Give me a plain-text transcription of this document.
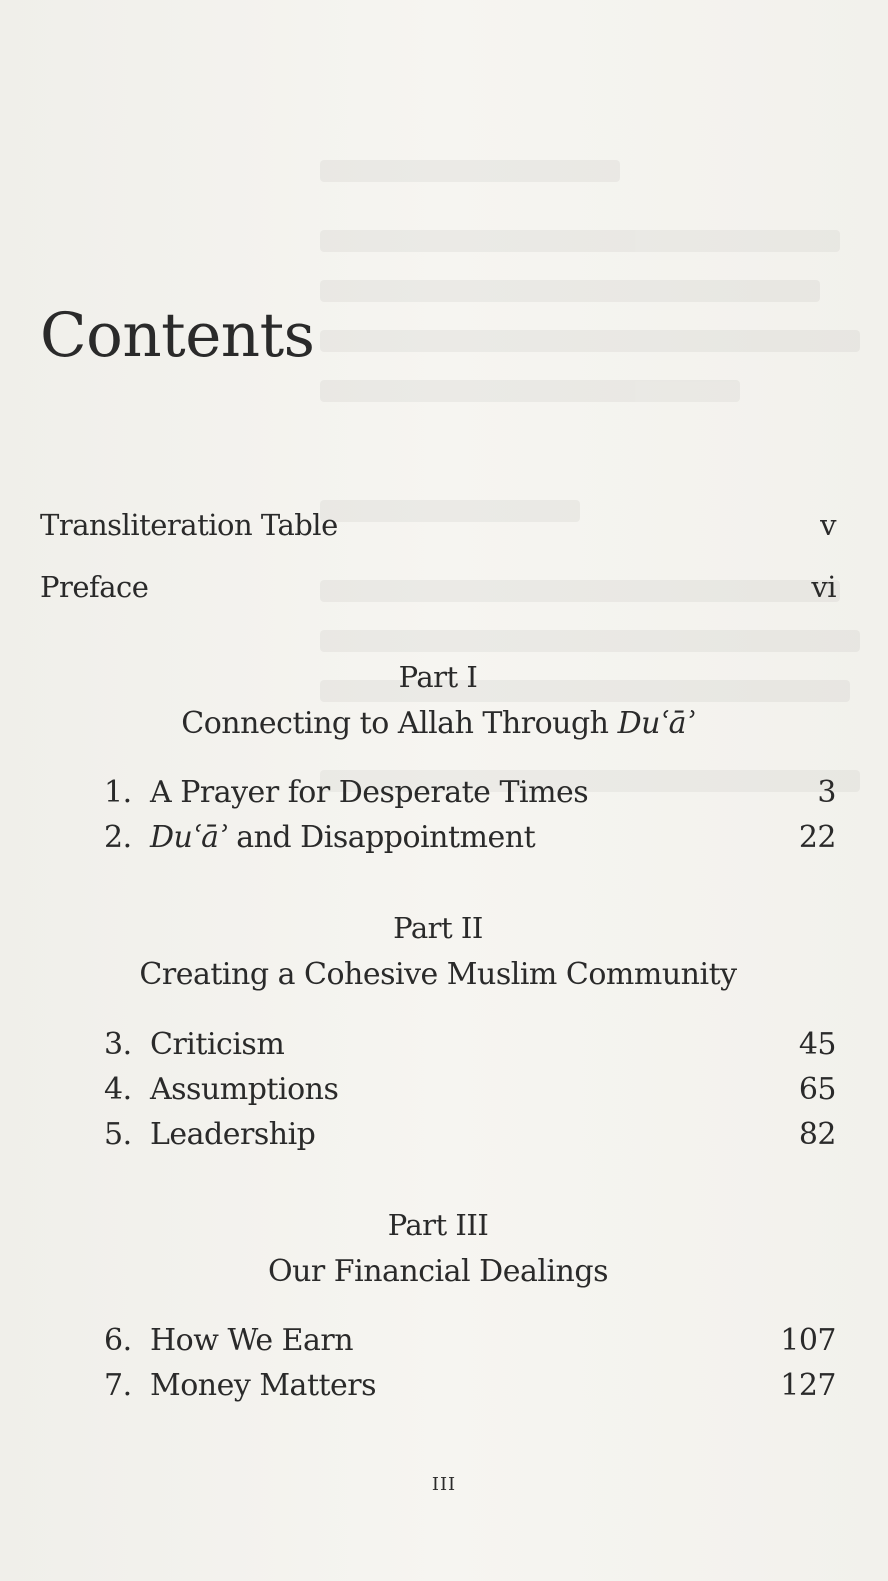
Contents
Transliteration Table	v
Preface	vi
Part I
Connecting to Allah Through Duʿāʾ
1. A Prayer for Desperate Times	3
2. Duʿāʾ and Disappointment	22
Part II
Creating a Cohesive Muslim Community
3. Criticism	45
4. Assumptions	65
5. Leadership	82
Part III
Our Financial Dealings
6. How We Earn	107
7. Money Matters	127
III
